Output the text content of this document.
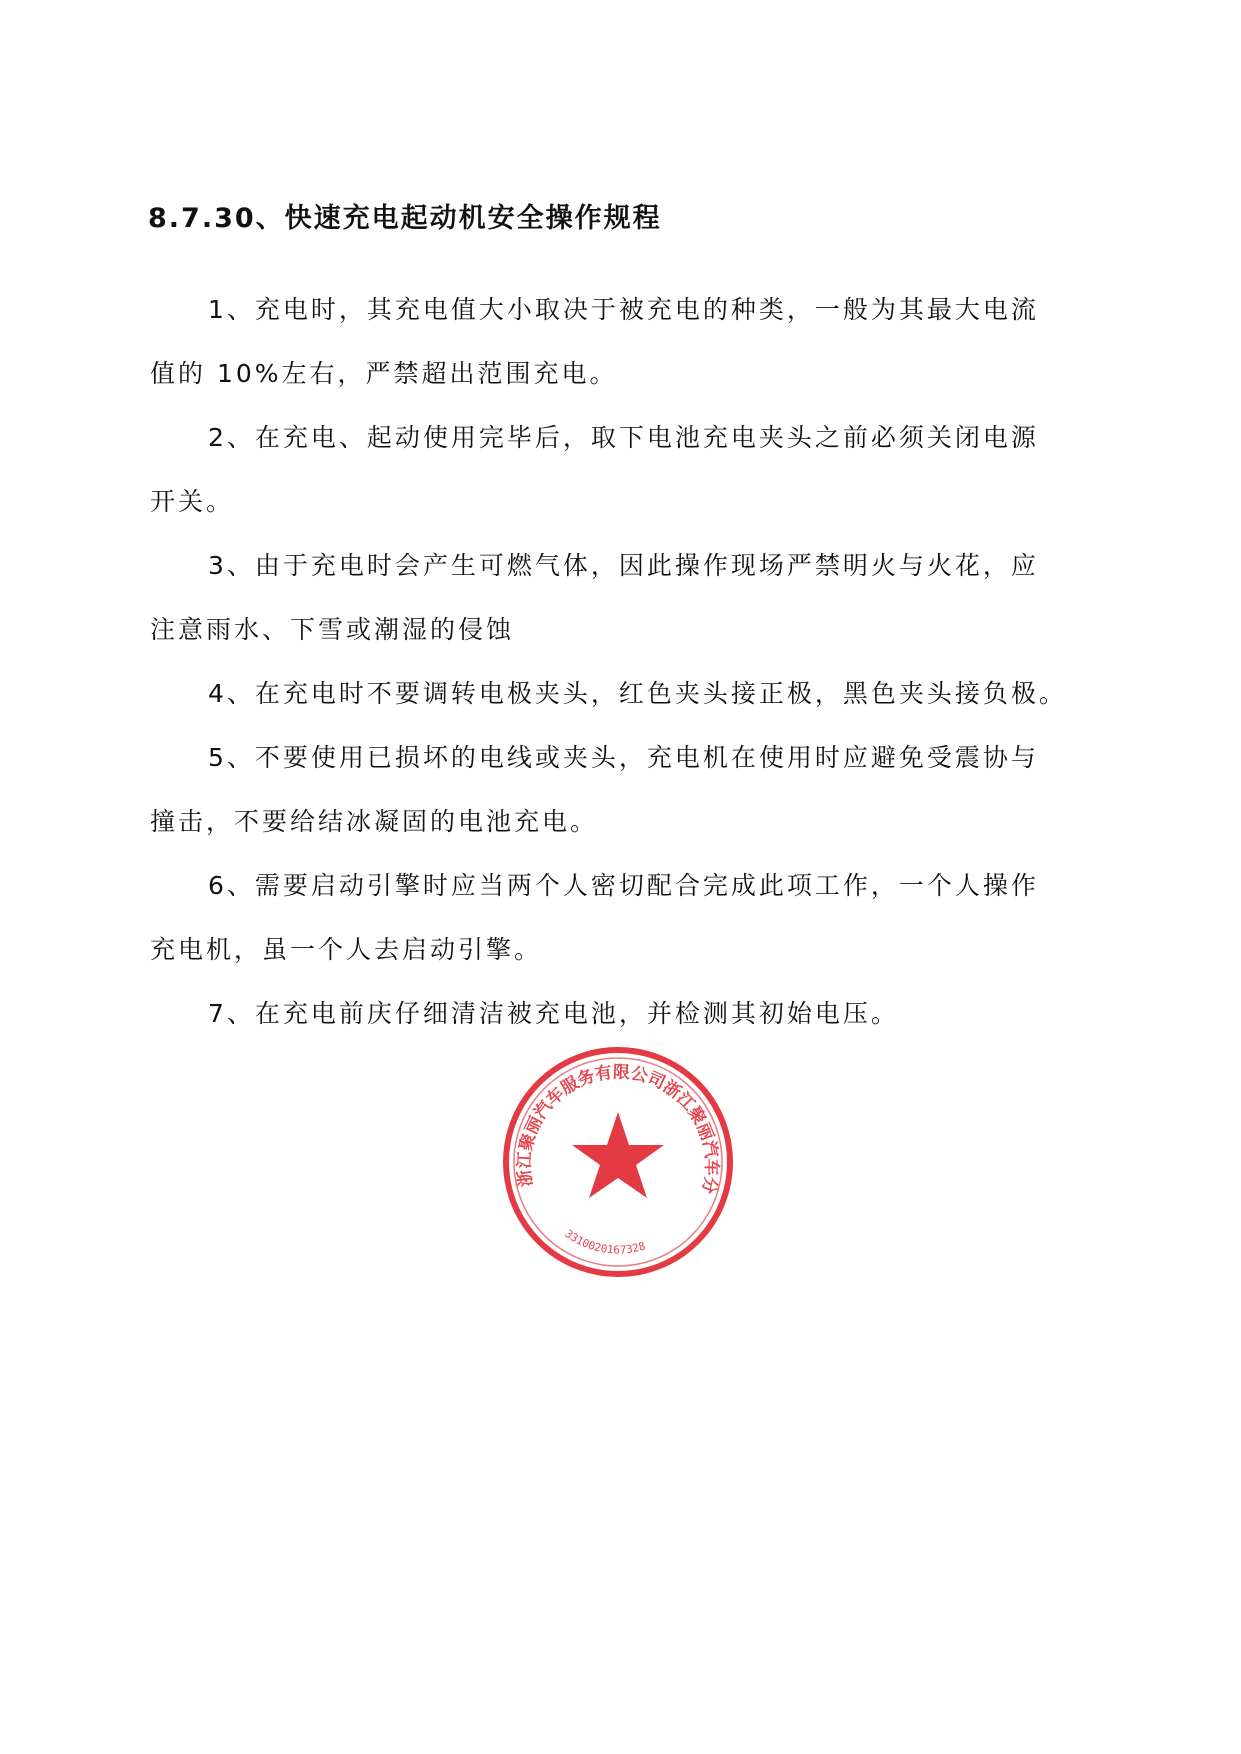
8.7.30、快速充电起动机安全操作规程
1、充电时，其充电值大小取决于被充电的种类，一般为其最大电流
值的 10%左右，严禁超出范围充电。
2、在充电、起动使用完毕后，取下电池充电夹头之前必须关闭电源
开关。
3、由于充电时会产生可燃气体，因此操作现场严禁明火与火花，应
注意雨水、下雪或潮湿的侵蚀
4、在充电时不要调转电极夹头，红色夹头接正极，黑色夹头接负极。
5、不要使用已损坏的电线或夹头，充电机在使用时应避免受震协与
撞击，不要给结冰凝固的电池充电。
6、需要启动引擎时应当两个人密切配合完成此项工作，一个人操作
充电机，虽一个人去启动引擎。
7、在充电前庆仔细清洁被充电池，并检测其初始电压。
浙江聚丽汽车服务有限公司浙江聚丽汽车分
3310020167328
